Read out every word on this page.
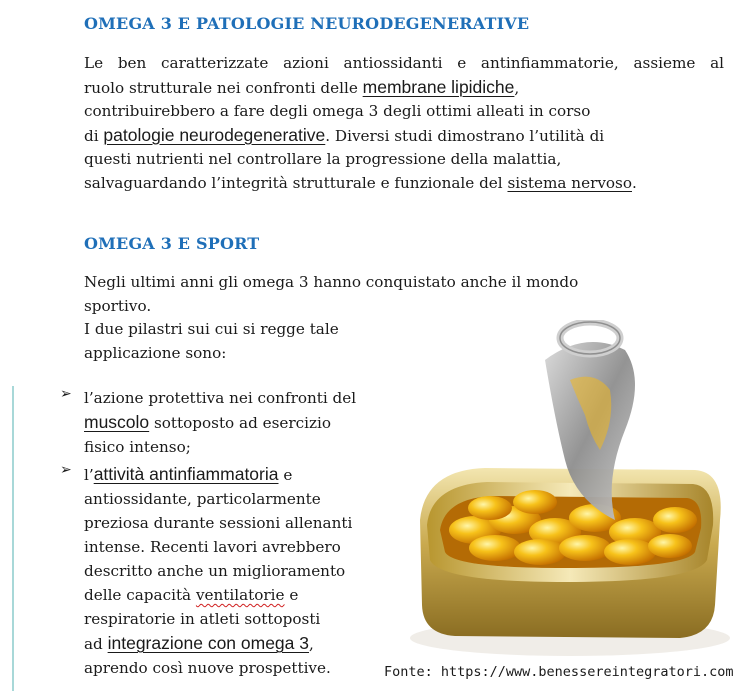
OMEGA 3 E PATOLOGIE NEURODEGENERATIVE
Le ben caratterizzate azioni antiossidanti e antinfiammatorie, assieme al
ruolo strutturale nei confronti delle membrane lipidiche,
contribuirebbero a fare degli omega 3 degli ottimi alleati in corso
di patologie neurodegenerative. Diversi studi dimostrano l’utilità di
questi nutrienti nel controllare la progressione della malattia,
salvaguardando l’integrità strutturale e funzionale del sistema nervoso.
OMEGA 3 E SPORT
Negli ultimi anni gli omega 3 hanno conquistato anche il mondo
sportivo.
I due pilastri sui cui si regge tale
applicazione sono:
➢ l’azione protettiva nei confronti del
muscolo sottoposto ad esercizio
fisico intenso;
➢ l’attività antinfiammatoria e
antiossidante, particolarmente
preziosa durante sessioni allenanti
intense. Recenti lavori avrebbero
descritto anche un miglioramento
delle capacità ventilatorie e
respiratorie in atleti sottoposti
ad integrazione con omega 3,
aprendo così nuove prospettive.	Fonte: https://www.benessereintegratori.com
